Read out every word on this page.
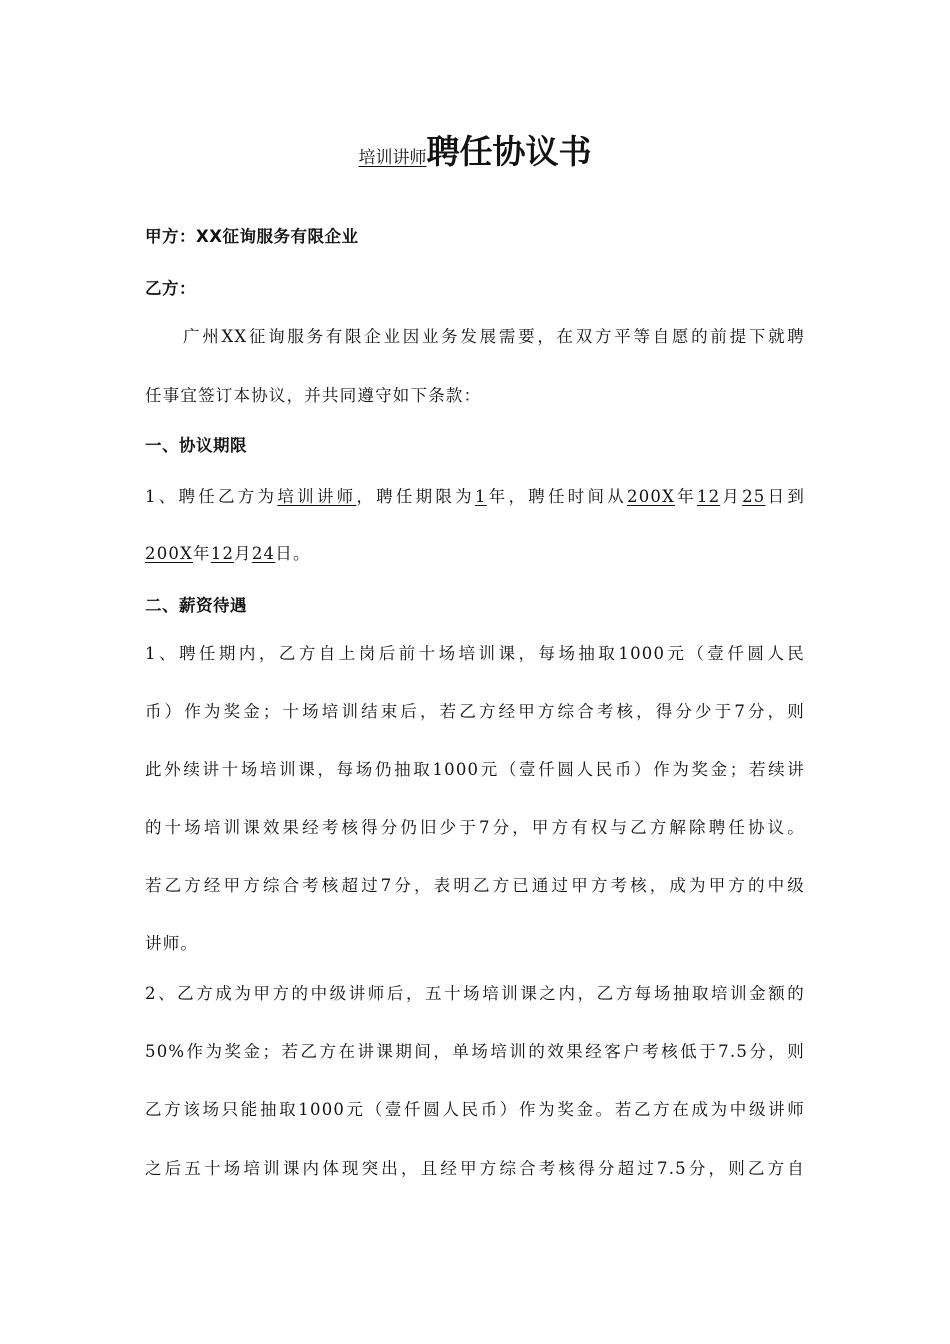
培训讲师聘任协议书
甲方：XX征询服务有限企业
乙方：
广州XX征询服务有限企业因业务发展需要，在双方平等自愿的前提下就聘
任事宜签订本协议，并共同遵守如下条款：
一、协议期限
1、聘任乙方为培训讲师，聘任期限为1年，聘任时间从200X年12月25日到
200X年12月24日。
二、薪资待遇
1、聘任期内，乙方自上岗后前十场培训课，每场抽取1000元（壹仟圆人民
币）作为奖金；十场培训结束后，若乙方经甲方综合考核，得分少于7分，则
此外续讲十场培训课，每场仍抽取1000元（壹仟圆人民币）作为奖金；若续讲
的十场培训课效果经考核得分仍旧少于7分，甲方有权与乙方解除聘任协议。
若乙方经甲方综合考核超过7分，表明乙方已通过甲方考核，成为甲方的中级
讲师。
2、乙方成为甲方的中级讲师后，五十场培训课之内，乙方每场抽取培训金额的
50%作为奖金；若乙方在讲课期间，单场培训的效果经客户考核低于7.5分，则
乙方该场只能抽取1000元（壹仟圆人民币）作为奖金。若乙方在成为中级讲师
之后五十场培训课内体现突出，且经甲方综合考核得分超过7.5分，则乙方自
